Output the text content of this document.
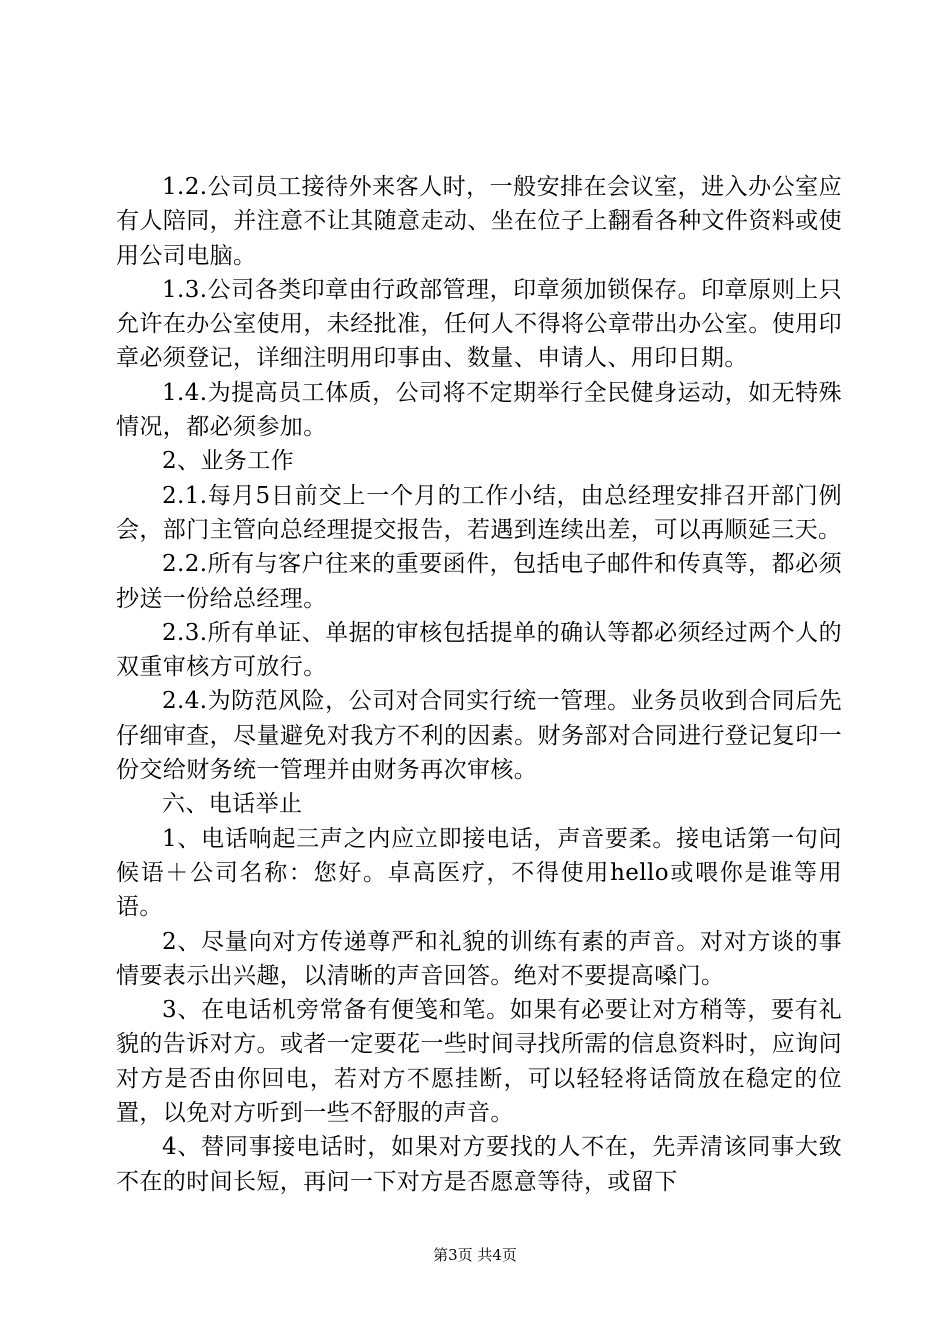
1.2.公司员工接待外来客人时，一般安排在会议室，进入办公室应有人陪同，并注意不让其随意走动、坐在位子上翻看各种文件资料或使用公司电脑。

1.3.公司各类印章由行政部管理，印章须加锁保存。印章原则上只允许在办公室使用，未经批准，任何人不得将公章带出办公室。使用印章必须登记，详细注明用印事由、数量、申请人、用印日期。

1.4.为提高员工体质，公司将不定期举行全民健身运动，如无特殊情况，都必须参加。

2、业务工作

2.1.每月5日前交上一个月的工作小结，由总经理安排召开部门例会，部门主管向总经理提交报告，若遇到连续出差，可以再顺延三天。

2.2.所有与客户往来的重要函件，包括电子邮件和传真等，都必须抄送一份给总经理。

2.3.所有单证、单据的审核包括提单的确认等都必须经过两个人的双重审核方可放行。

2.4.为防范风险，公司对合同实行统一管理。业务员收到合同后先仔细审查，尽量避免对我方不利的因素。财务部对合同进行登记复印一份交给财务统一管理并由财务再次审核。

六、电话举止

1、电话响起三声之内应立即接电话，声音要柔。接电话第一句问候语＋公司名称：您好。卓高医疗，不得使用hello或喂你是谁等用语。

2、尽量向对方传递尊严和礼貌的训练有素的声音。对对方谈的事情要表示出兴趣，以清晰的声音回答。绝对不要提高嗓门。

3、在电话机旁常备有便笺和笔。如果有必要让对方稍等，要有礼貌的告诉对方。或者一定要花一些时间寻找所需的信息资料时，应询问对方是否由你回电，若对方不愿挂断，可以轻轻将话筒放在稳定的位置，以免对方听到一些不舒服的声音。

4、替同事接电话时，如果对方要找的人不在，先弄清该同事大致不在的时间长短，再问一下对方是否愿意等待，或留下

第3页 共4页
